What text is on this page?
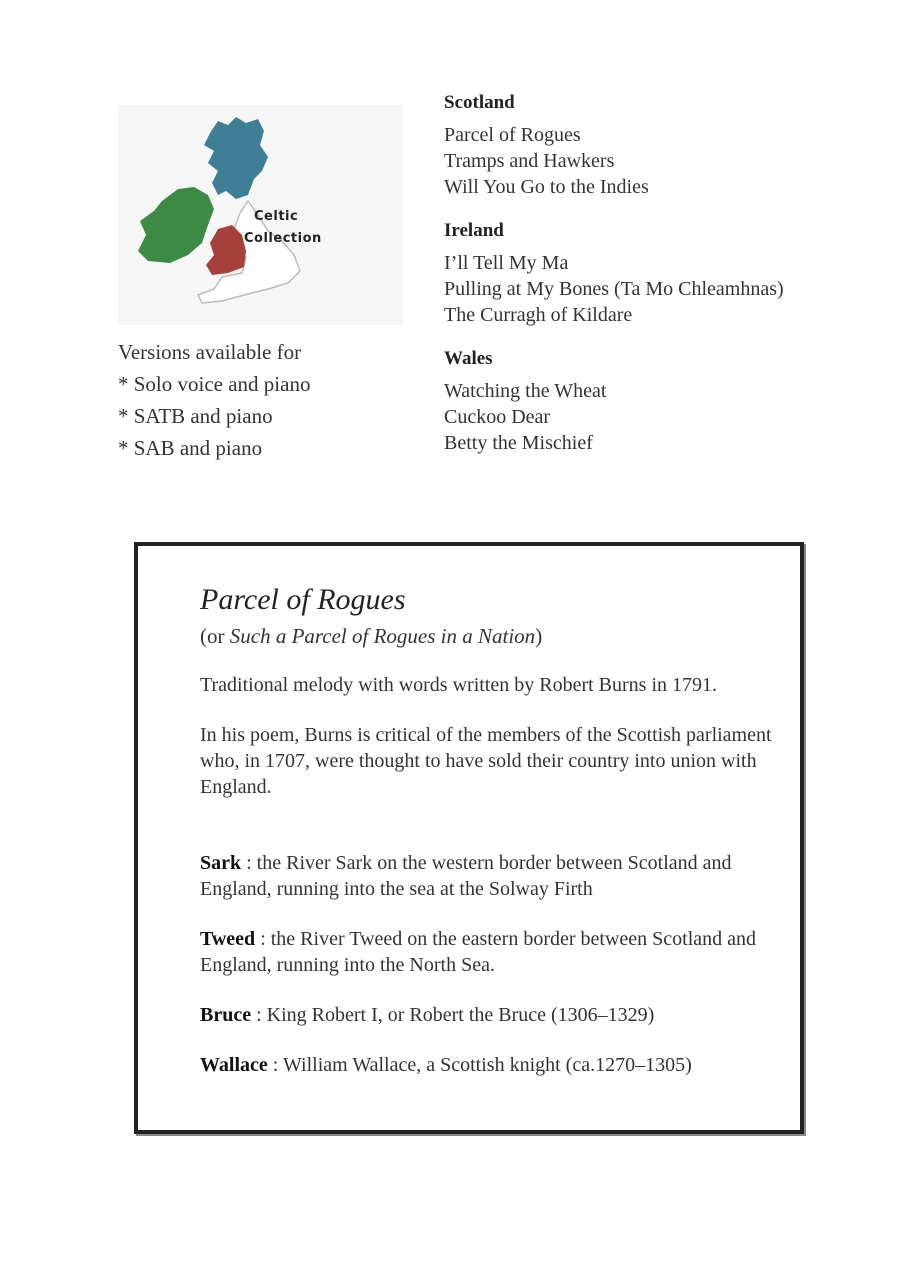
Celtic
Collection
Versions available for
* Solo voice and piano
* SATB and piano
* SAB and piano
Scotland
Parcel of Rogues
Tramps and Hawkers
Will You Go to the Indies
Ireland
I’ll Tell My Ma
Pulling at My Bones (Ta Mo Chleamhnas)
The Curragh of Kildare
Wales
Watching the Wheat
Cuckoo Dear
Betty the Mischief
Parcel of Rogues
(or Such a Parcel of Rogues in a Nation)
Traditional melody with words written by Robert Burns in 1791.
In his poem, Burns is critical of the members of the Scottish parliament who, in 1707, were thought to have sold their country into union with England.
Sark : the River Sark on the western border between Scotland and England, running into the sea at the Solway Firth
Tweed : the River Tweed on the eastern border between Scotland and England, running into the North Sea.
Bruce : King Robert I, or Robert the Bruce (1306–1329)
Wallace : William Wallace, a Scottish knight (ca.1270–1305)
